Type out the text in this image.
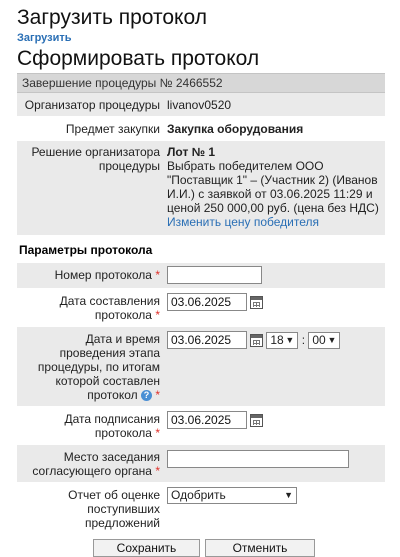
Загрузить протокол
Загрузить
Сформировать протокол
Завершение процедуры № 2466552
Организатор процедуры livanov0520
Предмет закупки Закупка оборудования
Решение организатора процедуры
Лот № 1
Выбрать победителем ООО "Поставщик 1" – (Участник 2) (Иванов И.И.) с заявкой от 03.06.2025 11:29 и ценой 250 000,00 руб. (цена без НДС)
Изменить цену победителя
Параметры протокола
Номер протокола *
Дата составления протокола *
03.06.2025
Дата и время проведения этапа процедуры, по итогам которой составлен протокол ? *
03.06.2025 18 ▼ : 00 ▼
Дата подписания протокола *
03.06.2025
Место заседания согласующего органа *
Отчет об оценке поступивших предложений
Одобрить	▼
Сохранить	Отменить
